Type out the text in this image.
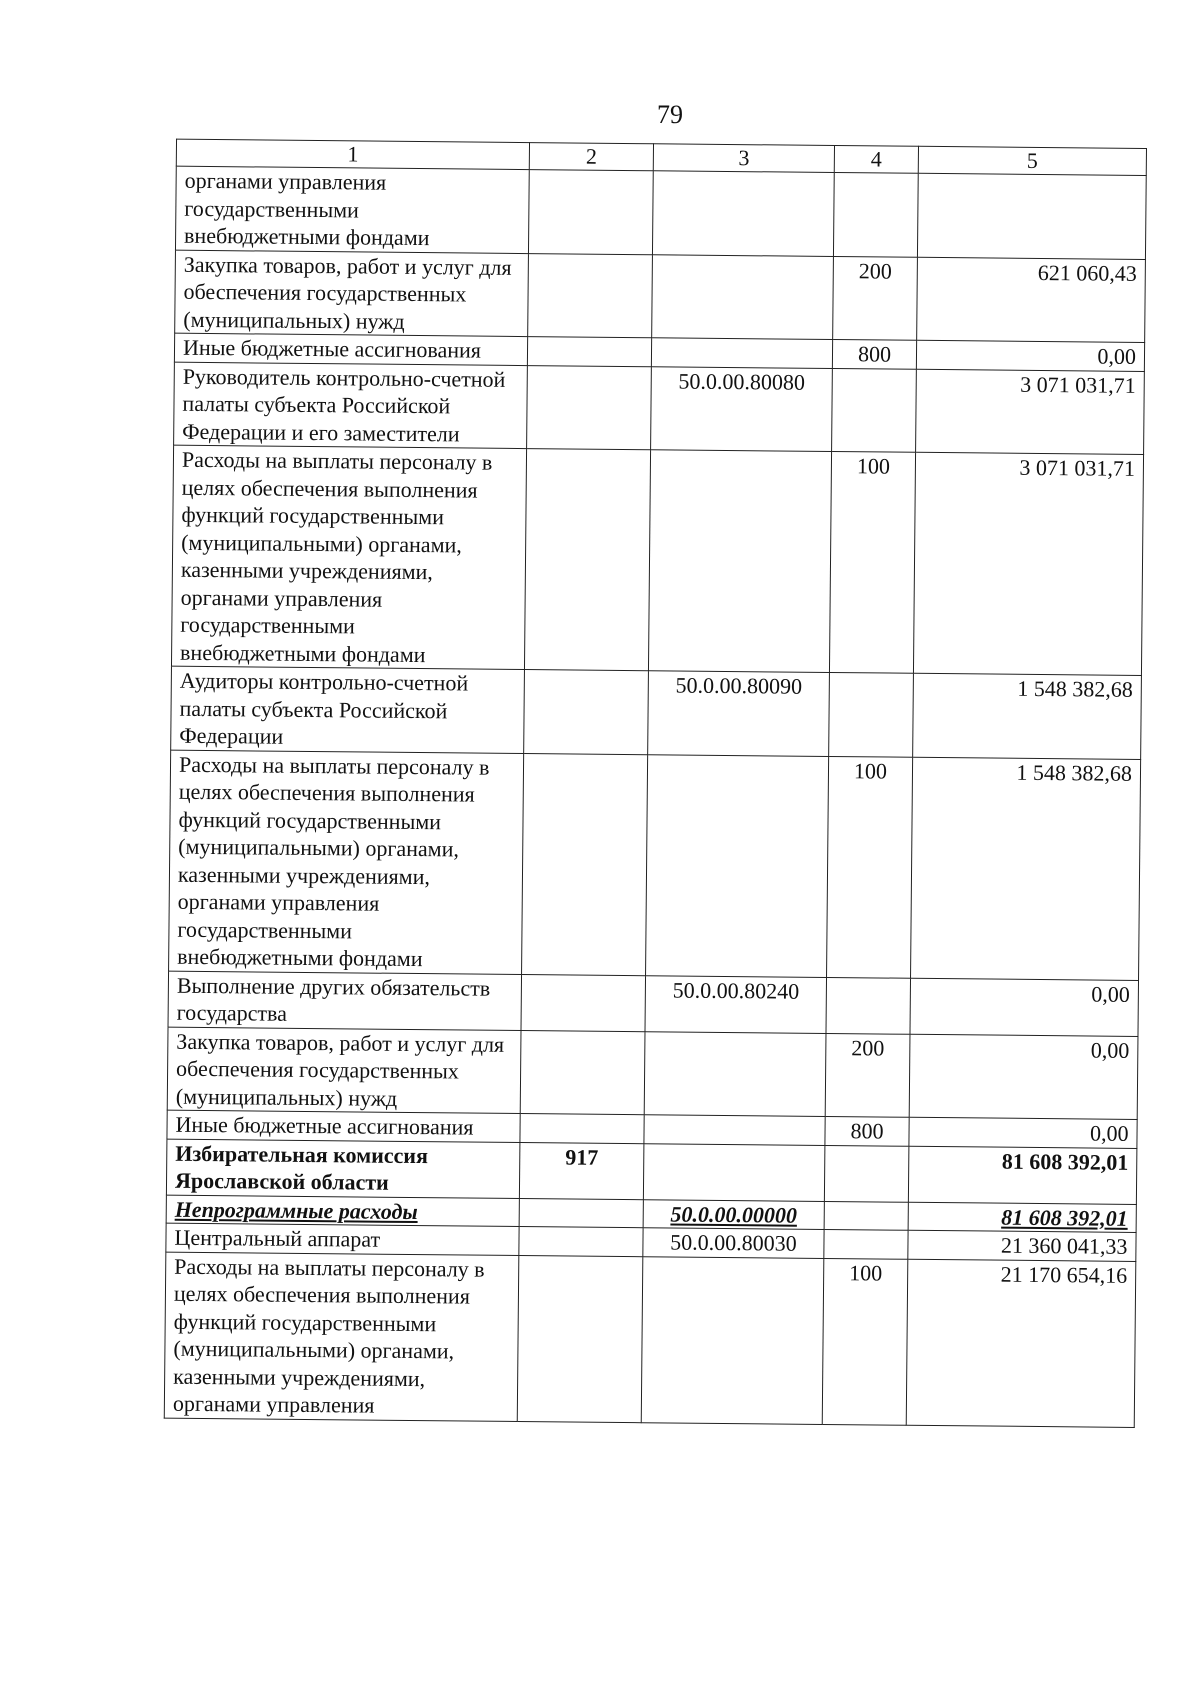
79
1	2	3	4	5
органами управления государственными внебюджетными фондами				
Закупка товаров, работ и услуг для обеспечения государственных (муниципальных) нужд			200	621 060,43
Иные бюджетные ассигнования			800	0,00
Руководитель контрольно-счетной палаты субъекта Российской Федерации и его заместители		50.0.00.80080		3 071 031,71
Расходы на выплаты персоналу в целях обеспечения выполнения функций государственными (муниципальными) органами, казенными учреждениями, органами управления государственными внебюджетными фондами			100	3 071 031,71
Аудиторы контрольно-счетной палаты субъекта Российской Федерации		50.0.00.80090		1 548 382,68
Расходы на выплаты персоналу в целях обеспечения выполнения функций государственными (муниципальными) органами, казенными учреждениями, органами управления государственными внебюджетными фондами			100	1 548 382,68
Выполнение других обязательств государства		50.0.00.80240		0,00
Закупка товаров, работ и услуг для обеспечения государственных (муниципальных) нужд			200	0,00
Иные бюджетные ассигнования			800	0,00
Избирательная комиссия Ярославской области	917			81 608 392,01
Непрограммные расходы		50.0.00.00000		81 608 392,01
Центральный аппарат		50.0.00.80030		21 360 041,33
Расходы на выплаты персоналу в целях обеспечения выполнения функций государственными (муниципальными) органами, казенными учреждениями, органами управления			100	21 170 654,16
